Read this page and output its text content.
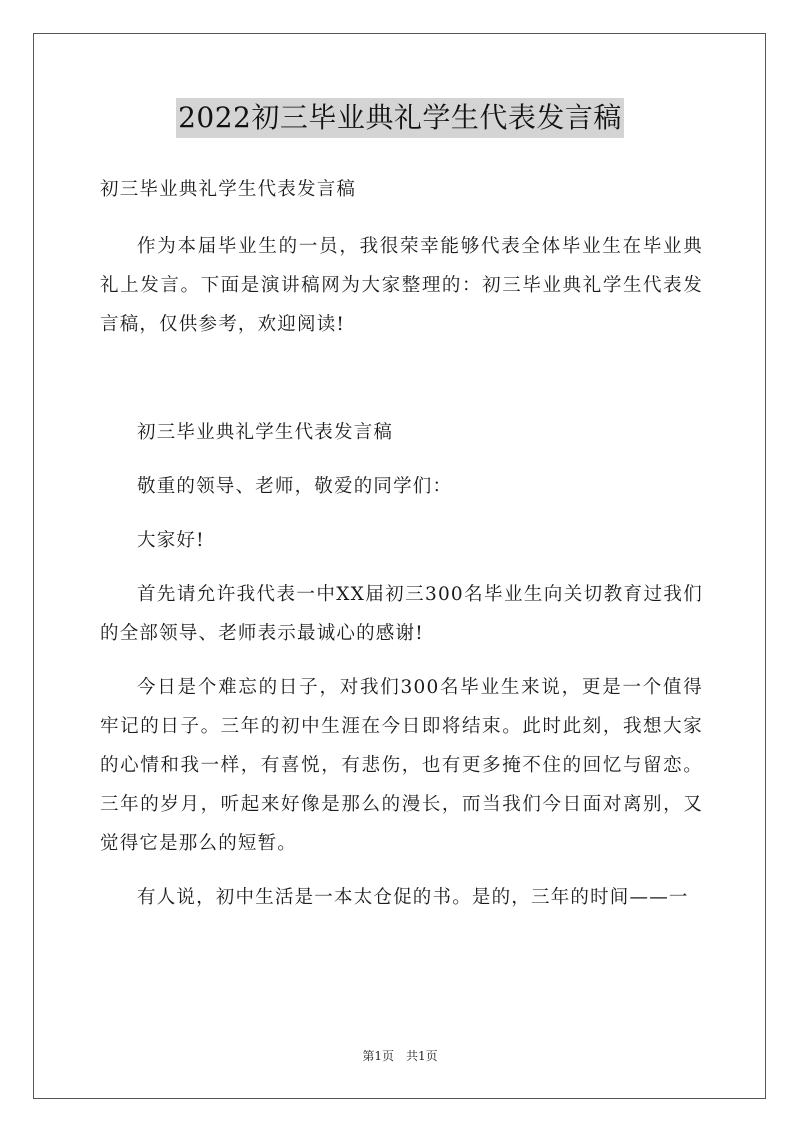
2022初三毕业典礼学生代表发言稿

初三毕业典礼学生代表发言稿

作为本届毕业生的一员，我很荣幸能够代表全体毕业生在毕业典礼上发言。下面是演讲稿网为大家整理的：初三毕业典礼学生代表发言稿，仅供参考，欢迎阅读!

初三毕业典礼学生代表发言稿

敬重的领导、老师，敬爱的同学们：

大家好!

首先请允许我代表一中XX届初三300名毕业生向关切教育过我们的全部领导、老师表示最诚心的感谢!

今日是个难忘的日子，对我们300名毕业生来说，更是一个值得牢记的日子。三年的初中生涯在今日即将结束。此时此刻，我想大家的心情和我一样，有喜悦，有悲伤，也有更多掩不住的回忆与留恋。三年的岁月，听起来好像是那么的漫长，而当我们今日面对离别，又觉得它是那么的短暂。

有人说，初中生活是一本太仓促的书。是的，三年的时间——一

第1页　共1页
